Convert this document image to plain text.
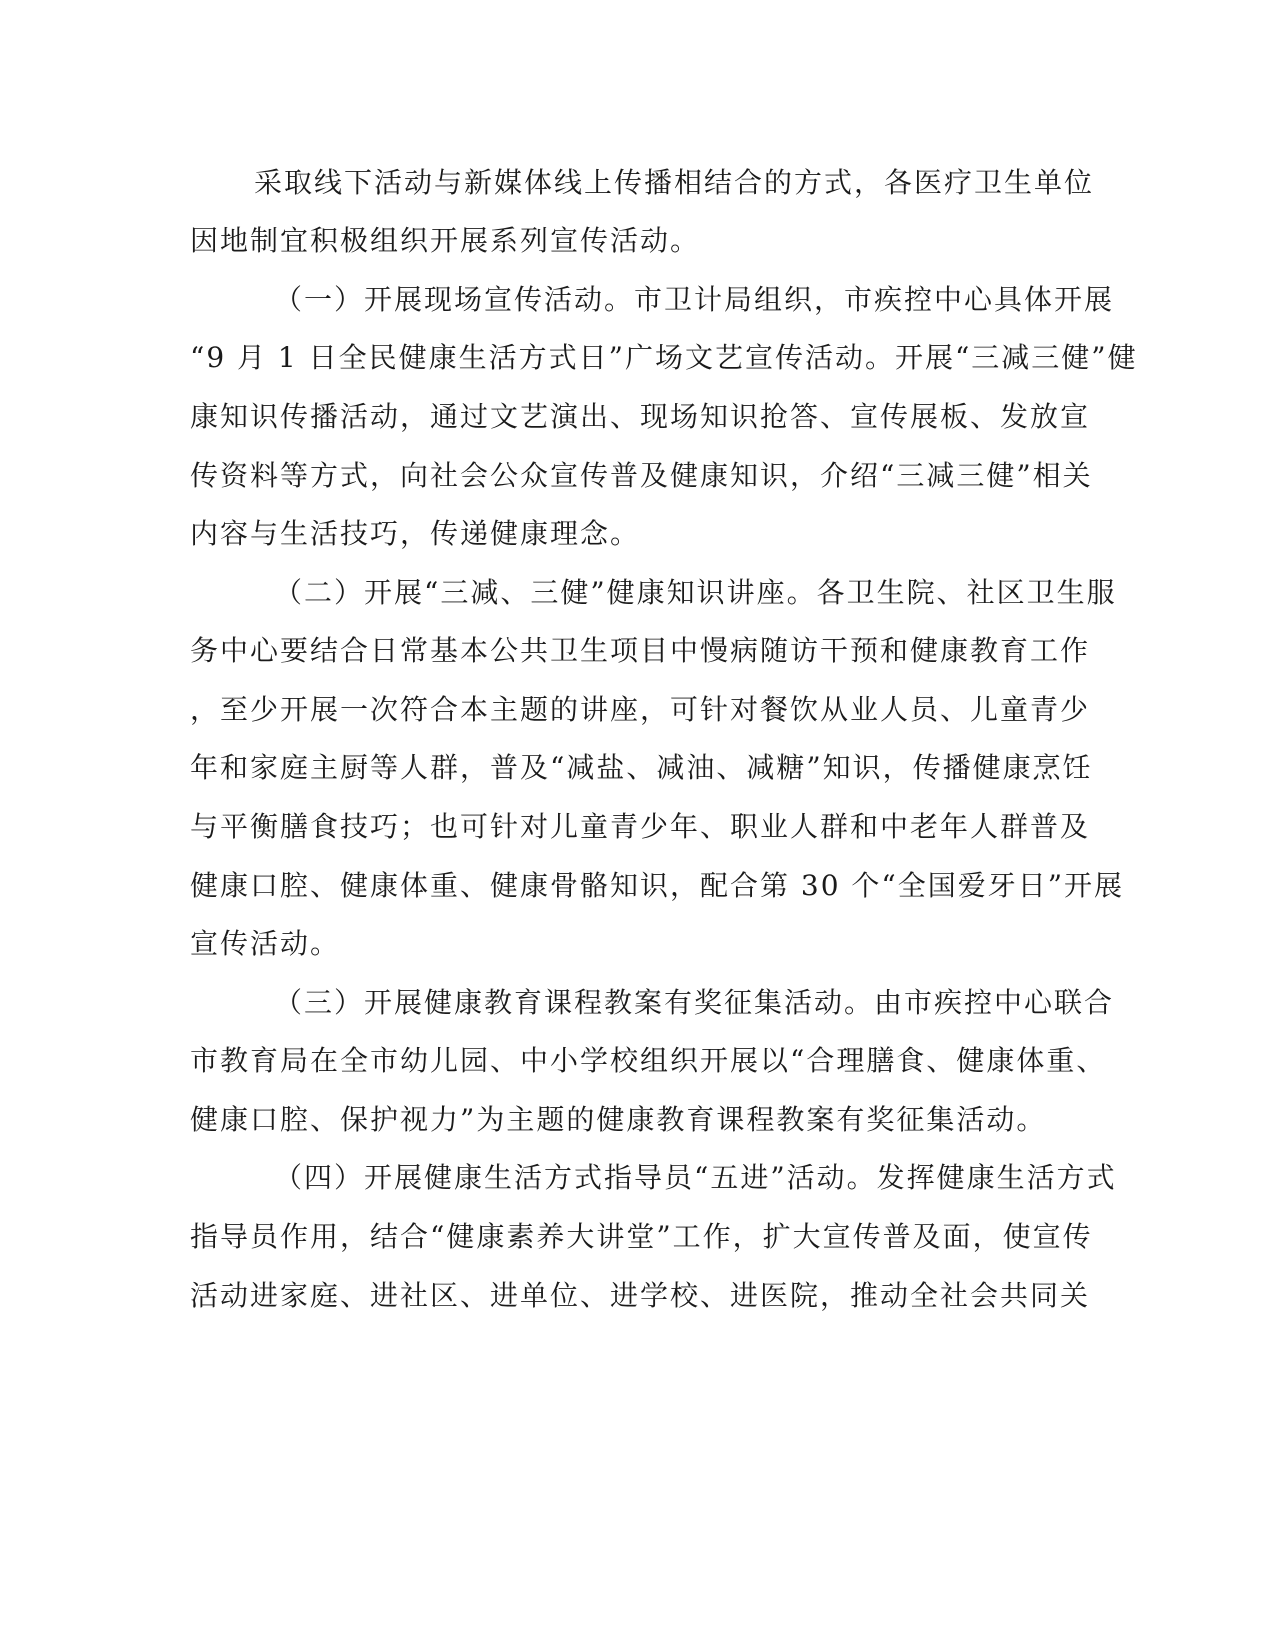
采取线下活动与新媒体线上传播相结合的方式，各医疗卫生单位
因地制宜积极组织开展系列宣传活动。
（一）开展现场宣传活动。市卫计局组织，市疾控中心具体开展
“9 月 1 日全民健康生活方式日”广场文艺宣传活动。开展“三减三健”健
康知识传播活动，通过文艺演出、现场知识抢答、宣传展板、发放宣
传资料等方式，向社会公众宣传普及健康知识，介绍“三减三健”相关
内容与生活技巧，传递健康理念。
（二）开展“三减、三健”健康知识讲座。各卫生院、社区卫生服
务中心要结合日常基本公共卫生项目中慢病随访干预和健康教育工作
，至少开展一次符合本主题的讲座，可针对餐饮从业人员、儿童青少
年和家庭主厨等人群，普及“减盐、减油、减糖”知识，传播健康烹饪
与平衡膳食技巧；也可针对儿童青少年、职业人群和中老年人群普及
健康口腔、健康体重、健康骨骼知识，配合第 30 个“全国爱牙日”开展
宣传活动。
（三）开展健康教育课程教案有奖征集活动。由市疾控中心联合
市教育局在全市幼儿园、中小学校组织开展以“合理膳食、健康体重、
健康口腔、保护视力”为主题的健康教育课程教案有奖征集活动。
（四）开展健康生活方式指导员“五进”活动。发挥健康生活方式
指导员作用，结合“健康素养大讲堂”工作，扩大宣传普及面，使宣传
活动进家庭、进社区、进单位、进学校、进医院，推动全社会共同关
